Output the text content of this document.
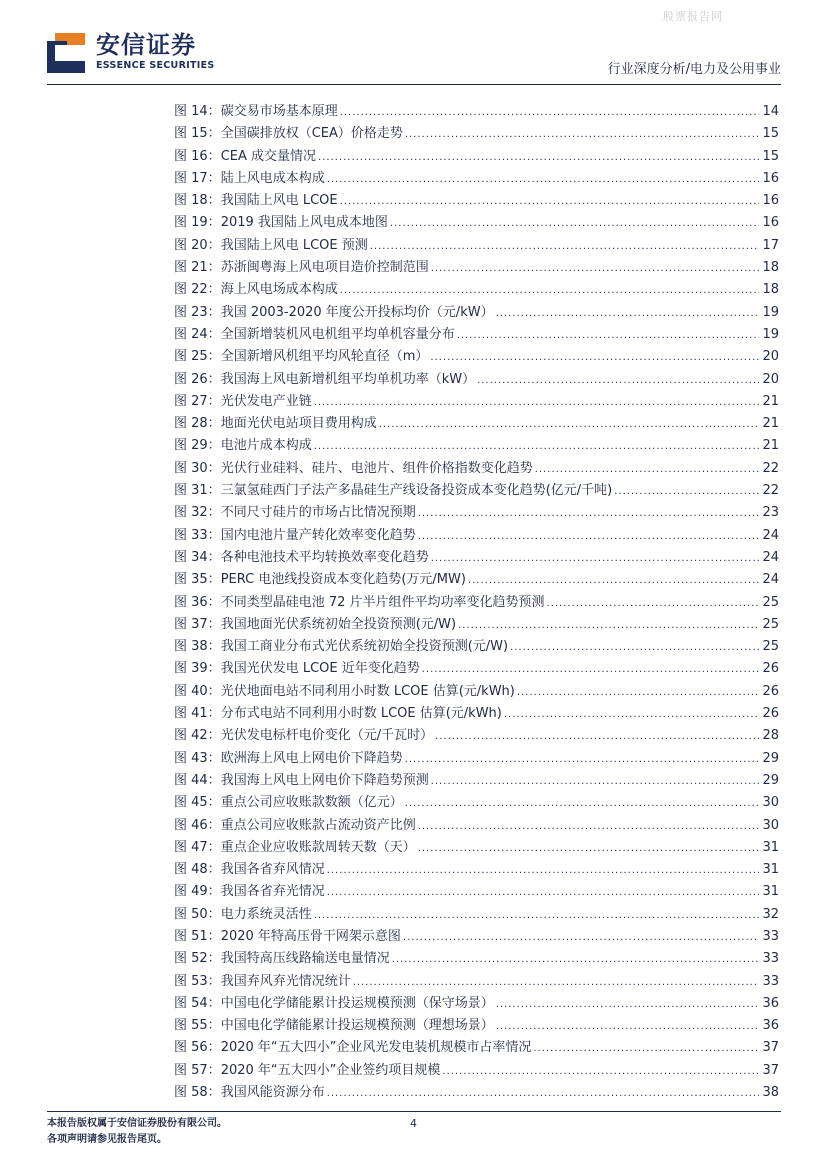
股票报告网
安信证券
ESSENCE SECURITIES	行业深度分析/电力及公用事业
图 14： 碳交易市场基本原理 .....	14
图 15： 全国碳排放权（CEA）价格走势 .....	15
图 16： CEA 成交量情况 .....	15
图 17： 陆上风电成本构成 .....	16
图 18： 我国陆上风电 LCOE .....	16
图 19： 2019 我国陆上风电成本地图 .....	16
图 20： 我国陆上风电 LCOE 预测 .....	17
图 21： 苏浙闽粤海上风电项目造价控制范围 .....	18
图 22： 海上风电场成本构成 .....	18
图 23： 我国 2003-2020 年度公开投标均价（元/kW） .....	19
图 24： 全国新增装机风电机组平均单机容量分布 .....	19
图 25： 全国新增风机组平均风轮直径（m） .....	20
图 26： 我国海上风电新增机组平均单机功率（kW） .....	20
图 27： 光伏发电产业链 .....	21
图 28： 地面光伏电站项目费用构成 .....	21
图 29： 电池片成本构成 .....	21
图 30： 光伏行业硅料、硅片、电池片、组件价格指数变化趋势 .....	22
图 31： 三氯氢硅西门子法产多晶硅生产线设备投资成本变化趋势(亿元/千吨) .....	22
图 32： 不同尺寸硅片的市场占比情况预期 .....	23
图 33： 国内电池片量产转化效率变化趋势 .....	24
图 34： 各种电池技术平均转换效率变化趋势 .....	24
图 35： PERC 电池线投资成本变化趋势(万元/MW) .....	24
图 36： 不同类型晶硅电池 72 片半片组件平均功率变化趋势预测 .....	25
图 37： 我国地面光伏系统初始全投资预测(元/W) .....	25
图 38： 我国工商业分布式光伏系统初始全投资预测(元/W) .....	25
图 39： 我国光伏发电 LCOE 近年变化趋势 .....	26
图 40： 光伏地面电站不同利用小时数 LCOE 估算(元/kWh) .....	26
图 41： 分布式电站不同利用小时数 LCOE 估算(元/kWh) .....	26
图 42： 光伏发电标杆电价变化（元/千瓦时） .....	28
图 43： 欧洲海上风电上网电价下降趋势 .....	29
图 44： 我国海上风电上网电价下降趋势预测 .....	29
图 45： 重点公司应收账款数额（亿元） .....	30
图 46： 重点公司应收账款占流动资产比例 .....	30
图 47： 重点企业应收账款周转天数（天） .....	31
图 48： 我国各省弃风情况 .....	31
图 49： 我国各省弃光情况 .....	31
图 50： 电力系统灵活性 .....	32
图 51： 2020 年特高压骨干网架示意图 .....	33
图 52： 我国特高压线路输送电量情况 .....	33
图 53： 我国弃风弃光情况统计 .....	33
图 54： 中国电化学储能累计投运规模预测（保守场景） .....	36
图 55： 中国电化学储能累计投运规模预测（理想场景） .....	36
图 56： 2020 年“五大四小”企业风光发电装机规模市占率情况 .....	37
图 57： 2020 年“五大四小”企业签约项目规模 .....	37
图 58： 我国风能资源分布 .....	38
本报告版权属于安信证券股份有限公司。
各项声明请参见报告尾页。
4
